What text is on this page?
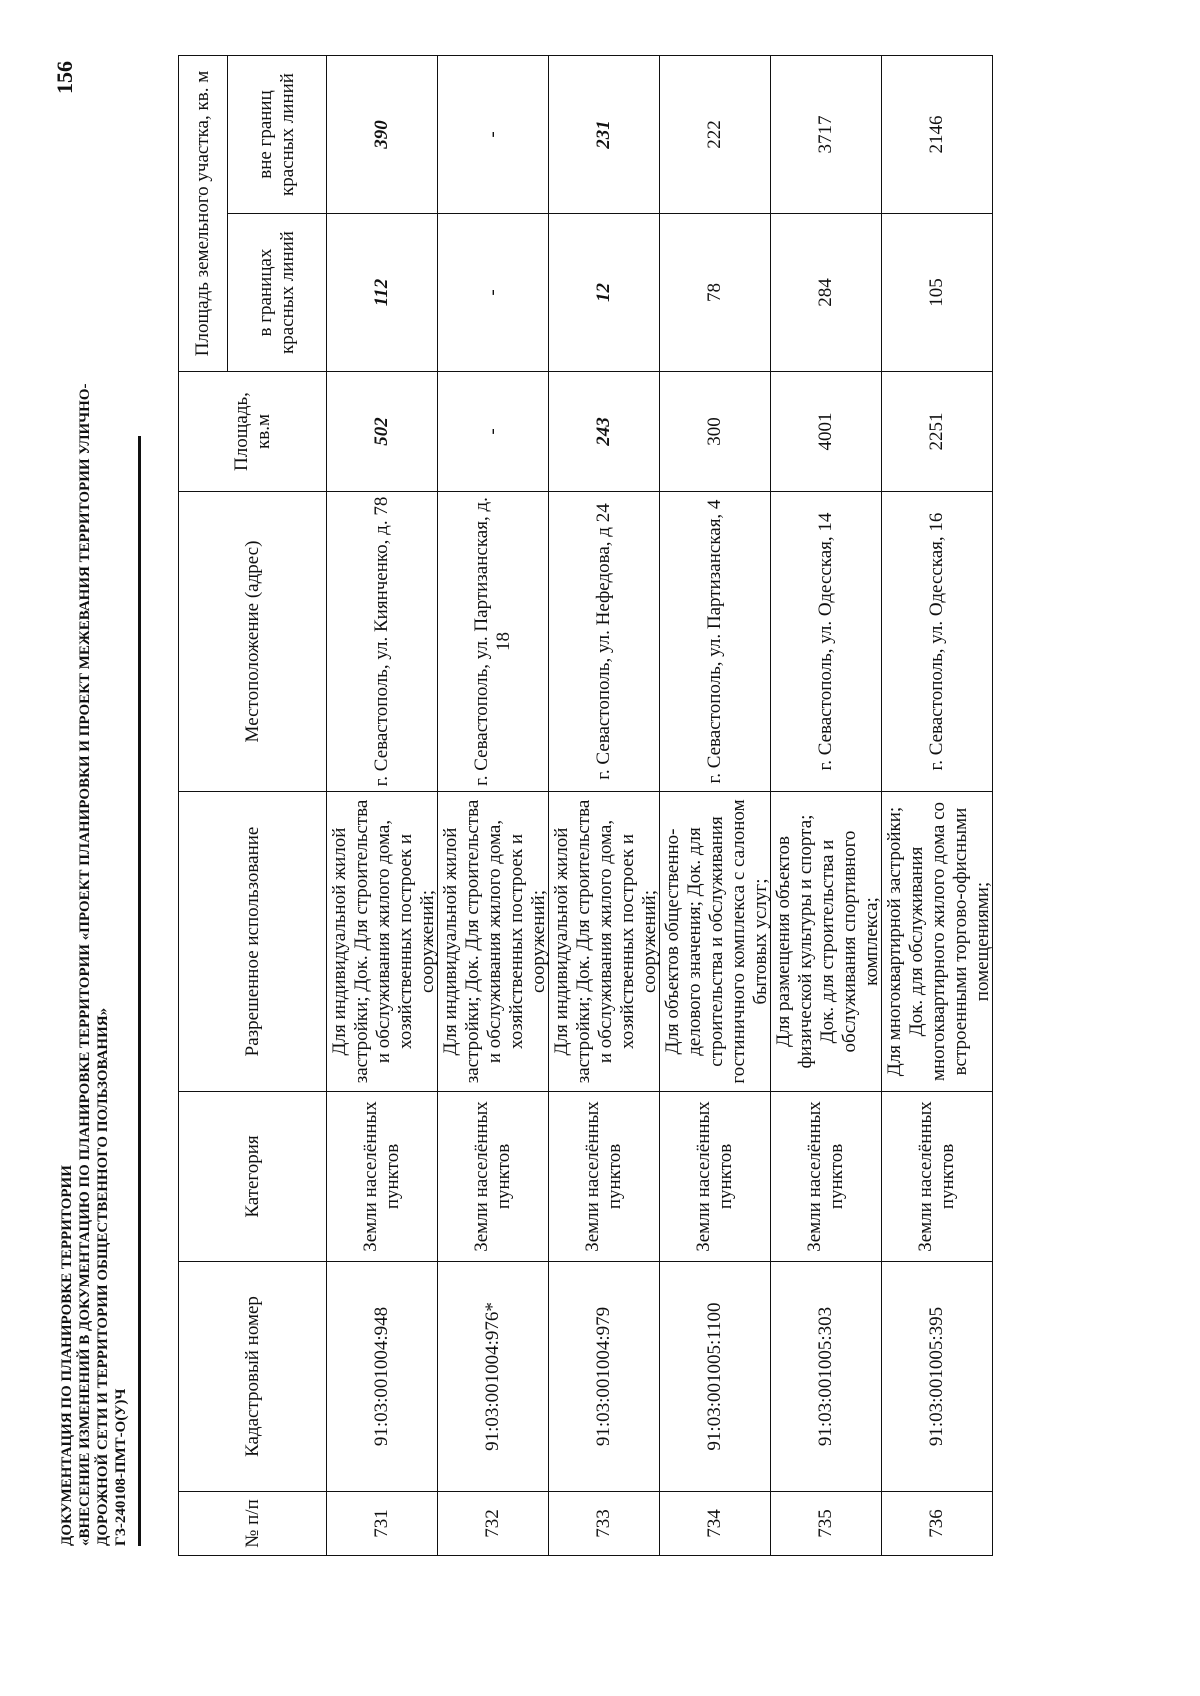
ДОКУМЕНТАЦИЯ ПО ПЛАНИРОВКЕ ТЕРРИТОРИИ «ВНЕСЕНИЕ ИЗМЕНЕНИЙ В ДОКУМЕНТАЦИЮ ПО ПЛАНИРОВКЕ ТЕРРИТОРИИ «ПРОЕКТ ПЛАНИРОВКИ И ПРОЕКТ МЕЖЕВАНИЯ ТЕРРИТОРИИ УЛИЧНО- ДОРОЖНОЙ СЕТИ И ТЕРРИТОРИИ ОБЩЕСТВЕННОГО ПОЛЬЗОВАНИЯ» ГЗ-240108-ПМТ-О(У)Ч
156
№ п/п	Кадастровый номер	Категория	Разрешенное использование	Местоположение (адрес)	Площадь, кв.м	Площадь земельного участка, кв. м	
						в границах красных линий	вне границ красных линий
731	91:03:001004:948	Земли населённых пунктов	Для индивидуальной жилой застройки; Док. Для строительства и обслуживания жилого дома, хозяйственных построек и сооружений;	г. Севастополь, ул. Киянченко, д. 78	502	112	390
732	91:03:001004:976*	Земли населённых пунктов	Для индивидуальной жилой застройки; Док. Для строительства и обслуживания жилого дома, хозяйственных построек и сооружений;	г. Севастополь, ул. Партизанская, д. 18	-	-	-
733	91:03:001004:979	Земли населённых пунктов	Для индивидуальной жилой застройки; Док. Для строительства и обслуживания жилого дома, хозяйственных построек и сооружений;	г. Севастополь, ул. Нефедова, д 24	243	12	231
734	91:03:001005:1100	Земли населённых пунктов	Для объектов общественно-делового значения; Док. для строительства и обслуживания гостиничного комплекса с салоном бытовых услуг;	г. Севастополь, ул. Партизанская, 4	300	78	222
735	91:03:001005:303	Земли населённых пунктов	Для размещения объектов физической культуры и спорта; Док. для строительства и обслуживания спортивного комплекса;	г. Севастополь, ул. Одесская, 14	4001	284	3717
736	91:03:001005:395	Земли населённых пунктов	Для многоквартирной застройки; Док. для обслуживания многоквартирного жилого дома со встроенными торгово-офисными помещениями;	г. Севастополь, ул. Одесская, 16	2251	105	2146
